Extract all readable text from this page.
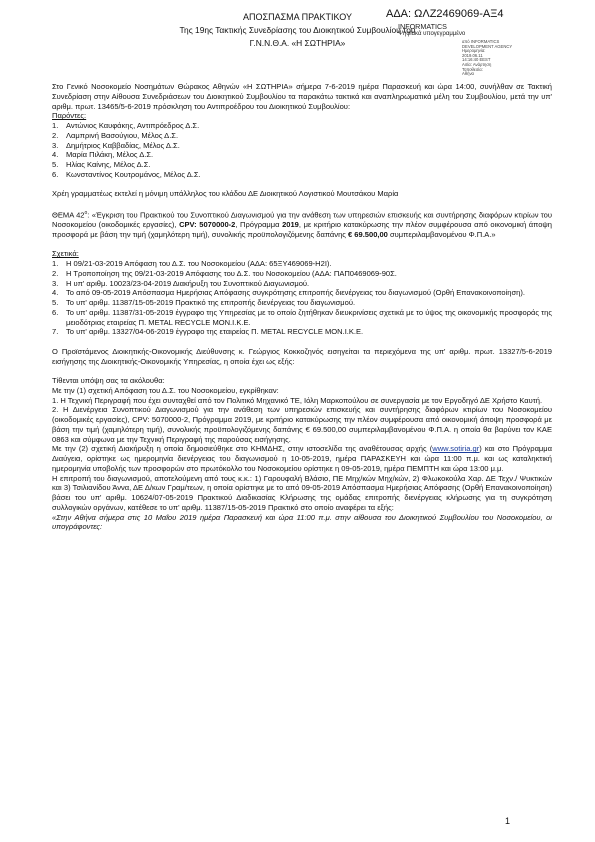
ΑΠΟΣΠΑΣΜΑ ΠΡΑΚΤΙΚΟΥ	ΑΔΑ: ΩΛΖ2469069-ΑΞ4
INFORMATICS
Της 19ης Τακτικής Συνεδρίασης του Διοικητικού Συμβουλίου του
Ψηφιακά υπογεγραμμένο
Γ.Ν.Ν.Θ.Α. «Η ΣΩΤΗΡΙΑ»	από INFORMATICS
DEVELOPMENT AGENCY
Ημερομηνία:
2019.06.11
14:16:40 EEST
Αιτία: Ανάρτηση
Τοποθεσία:
Αθήνα

Στο Γενικό Νοσοκομείο Νοσημάτων Θώρακος Αθηνών «Η ΣΩΤΗΡΙΑ» σήμερα 7-6-2019 ημέρα Παρασκευή και ώρα 14:00, συνήλθαν σε Τακτική Συνεδρίαση στην Αίθουσα Συνεδριάσεων του Διοικητικού Συμβουλίου τα παρακάτω τακτικά και αναπληρωματικά μέλη του Συμβουλίου, μετά την υπ' αριθμ. πρωτ. 13465/5-6-2019 πρόσκληση του Αντιπροέδρου του Διοικητικού Συμβουλίου:

Παρόντες:

1.	Αντώνιος Καυφάκης, Αντιπρόεδρος Δ.Σ.
2.	Λαμπρινή Βασούγιου, Μέλος Δ.Σ.
3.	Δημήτριος Καββαδίας, Μέλος Δ.Σ.
4.	Μαρία Πιλάκη, Μέλος Δ.Σ.
5.	Ηλίας Καίνης, Μέλος Δ.Σ.
6.	Κωνσταντίνος Κουτρομάνος, Μέλος Δ.Σ.

Χρέη γραμματέως εκτελεί η μόνιμη υπάλληλος του κλάδου ΔΕ Διοικητικού Λογιστικού Μουτσάκου Μαρία

ΘΕΜΑ $42^o$: «Έγκριση του Πρακτικού του Συνοπτικού Διαγωνισμού για την ανάθεση των υπηρεσιών επισκευής και συντήρησης διαφόρων κτιρίων του Νοσοκομείου (οικοδομικές εργασίες), CPV: 5070000-2, Πρόγραμμα 2019, με κριτήριο κατακύρωσης την πλέον συμφέρουσα από οικονομική άποψη προσφορά με βάση την τιμή (χαμηλότερη τιμή), συνολικής προϋπολογιζόμενης δαπάνης € 69.500,00 συμπεριλαμβανομένου Φ.Π.Α.»

Σχετικά:

1.	Η 09/21-03-2019 Απόφαση του Δ.Σ. του Νοσοκομείου (ΑΔΑ: 65ΞΥ469069-Η2Ι).
2.	Η Τροποποίηση της 09/21-03-2019 Απόφασης του Δ.Σ. του Νοσοκομείου (ΑΔΑ: ΠΑΠ0469069-90Σ.
3.	Η υπ' αριθμ. 10023/23-04-2019 Διακήρυξη του Συνοπτικού Διαγωνισμού.
4.	Το από 09-05-2019 Απόσπασμα Ημερήσιας Απόφασης συγκρότησης επιτροπής διενέργειας του διαγωνισμού (Ορθή Επανακοινοποίηση).
5.	Το υπ' αριθμ. 11387/15-05-2019 Πρακτικό της επιτροπής διενέργειας του διαγωνισμού.
6.	Το υπ' αριθμ. 11387/31-05-2019 έγγραφο της Υπηρεσίας με το οποίο ζητήθηκαν διευκρινίσεις σχετικά με το ύψος της οικονομικής προσφοράς της μειοδότριας εταιρείας Π. METAL RECYCLE ΜΟΝ.Ι.Κ.Ε.
7.	Το υπ' αριθμ. 13327/04-06-2019 έγγραφο της εταιρείας Π. METAL RECYCLE ΜΟΝ.Ι.Κ.Ε.

Ο Προϊστάμενος Διοικητικής-Οικονομικής Διεύθυνσης κ. Γεώργιος Κοκκοζηνός εισηγείται τα περιεχόμενα της υπ' αριθμ. πρωτ. 13327/5-6-2019 εισήγησης της Διοικητικής-Οικονομικής Υπηρεσίας, η οποία έχει ως εξής:

Τίθενται υπόψη σας τα ακόλουθα:

Με την (1) σχετική Απόφαση του Δ.Σ. του Νοσοκομείου, εγκρίθηκαν:

1. Η Τεχνική Περιγραφή που έχει συνταχθεί από τον Πολιτικό Μηχανικό ΤΕ, Ιόλη Μαρκοπούλου σε συνεργασία με τον Εργοδηγό ΔΕ Χρήστο Καυτή.

2. Η Διενέργεια Συνοπτικού Διαγωνισμού για την ανάθεση των υπηρεσιών επισκευής και συντήρησης διαφόρων κτιρίων του Νοσοκομείου (οικοδομικές εργασίες), CPV: 5070000-2, Πρόγραμμα 2019, με κριτήριο κατακύρωσης την πλέον συμφέρουσα από οικονομική άποψη προσφορά με βάση την τιμή (χαμηλότερη τιμή), συνολικής προϋπολογιζόμενης δαπάνης € 69.500,00 συμπεριλαμβανομένου Φ.Π.Α. η οποία θα βαρύνει τον ΚΑΕ 0863 και σύμφωνα με την Τεχνική Περιγραφή της παρούσας εισήγησης.

Με την (2) σχετική Διακήρυξη η οποία δημοσιεύθηκε στο ΚΗΜΔΗΣ, στην ιστοσελίδα της αναθέτουσας αρχής (www.sotiria.gr) και στο Πρόγραμμα Διαύγεια, ορίστηκε ως ημερομηνία διενέργειας του διαγωνισμού η 10-05-2019, ημέρα ΠΑΡΑΣΚΕΥΗ και ώρα 11:00 π.μ. και ως καταληκτική ημερομηνία υποβολής των προσφορών στο πρωτόκολλο του Νοσοκομείου ορίστηκε η 09-05-2019, ημέρα ΠΕΜΠΤΗ και ώρα 13:00 μ.μ.

Η επιτροπή του διαγωνισμού, αποτελούμενη από τους κ.κ.: 1) Γαρουφαλή Βλάσιο, ΠΕ Μηχ/κών Μηχ/κών, 2) Φλωκοκούλα Χαρ. ΔΕ Τεχν./ Ψυκτικών και 3) Τσιλιανίδου Άννα, ΔΕ Δ/κων Γραμ/τεων, η οποία ορίστηκε με το από 09-05-2019 Απόσπασμα Ημερήσιας Απόφασης (Ορθή Επανακοινοποίηση) βάσει του υπ' αριθμ. 10624/07-05-2019 Πρακτικού Διαδικασίας Κλήρωσης της ομάδας επιτροπής διενέργειας κλήρωσης για τη συγκρότηση συλλογικών οργάνων, κατέθεσε το υπ' αριθμ. 11387/15-05-2019 Πρακτικό στο οποίο αναφέρει τα εξής:

«Στην Αθήνα σήμερα στις 10 Μαΐου 2019 ημέρα Παρασκευή και ώρα 11:00 π.μ. στην αίθουσα του Διοικητικού Συμβουλίου του Νοσοκομείου, οι υπογράφοντες:

1
